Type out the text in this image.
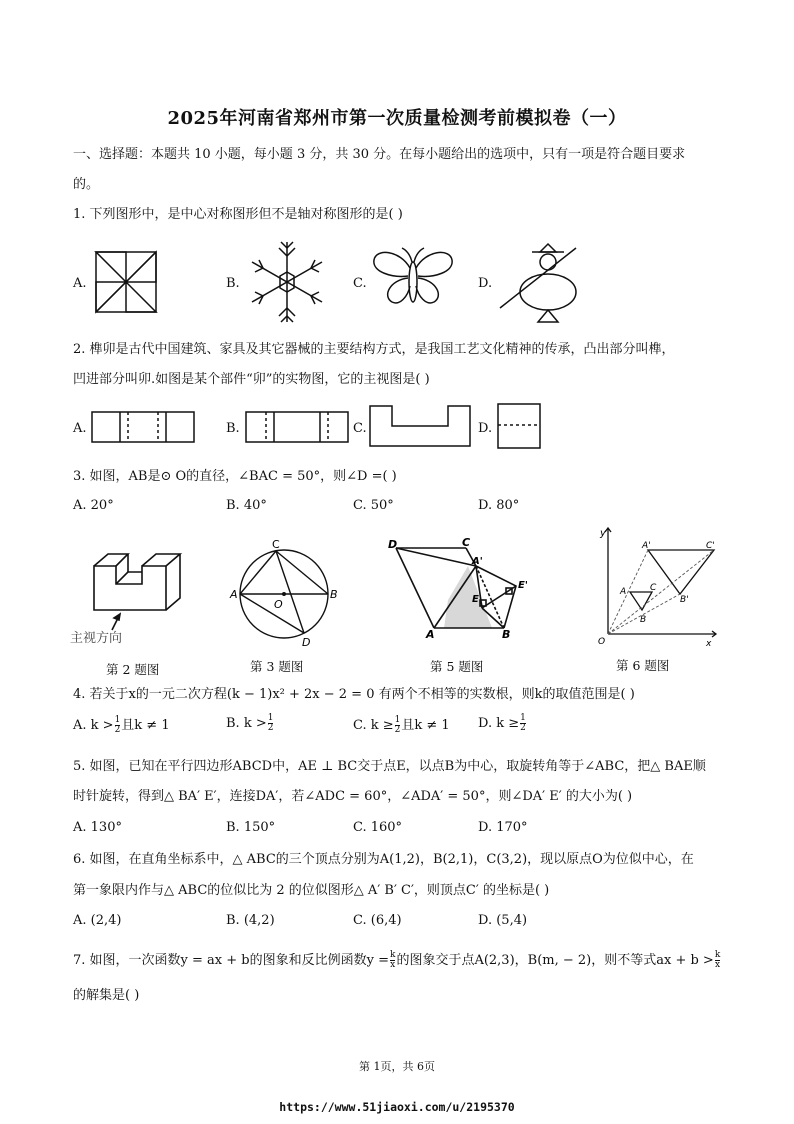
2025年河南省郑州市第一次质量检测考前模拟卷（一）
一、选择题：本题共 10 小题，每小题 3 分，共 30 分。在每小题给出的选项中，只有一项是符合题目要求
的。
1. 下列图形中，是中心对称图形但不是轴对称图形的是( )
A.	B.	C.	D.
2. 榫卯是古代中国建筑、家具及其它器械的主要结构方式，是我国工艺文化精神的传承，凸出部分叫榫，
凹进部分叫卯.如图是某个部件“卯”的实物图，它的主视图是( )
A.	B.	C.	D.
3. 如图，AB是⊙ O的直径，∠BAC = 50°，则∠D =( )
A. 20°	B. 40°	C. 50°	D. 80°
主视方向
C
A
O
B
D
D	C
A'
E'
E
A	B
y
A'	C'
A	C
B'
B
O	x
第 2 题图	第 3 题图	第 5 题图	第 6 题图
4. 若关于x的一元二次方程(k − 1)x² + 2x − 2 = 0 有两个不相等的实数根，则k的取值范围是( )
A. $k > \frac{1}{2}$ 且k ≠ 1	B. $k > \frac{1}{2}$	C. $k \ge \frac{1}{2}$ 且k ≠ 1 D. $k \ge \frac{1}{2}$
5. 如图，已知在平行四边形ABCD中，AE ⊥ BC交于点E，以点B为中心，取旋转角等于∠ABC，把△ BAE顺
时针旋转，得到△ BA′ E′，连接DA′，若∠ADC = 60°，∠ADA′ = 50°，则∠DA′ E′ 的大小为( )
A. 130°	B. 150°	C. 160°	D. 170°
6. 如图，在直角坐标系中，△ ABC的三个顶点分别为A(1,2)，B(2,1)，C(3,2)，现以原点O为位似中心，在
第一象限内作与△ ABC的位似比为 2 的位似图形△ A′ B′ C′，则顶点C′ 的坐标是( )
A. (2,4)	B. (4,2)	C. (6,4)	D. (5,4)
7. 如图，一次函数y = ax + b的图象和反比例函数$y = \frac{k}{x}$ 的图象交于点A(2,3)，B(m, − 2)，则不等式ax + $b > \frac{k}{x}$
的解集是( )
第 1页，共 6页
https://www.51jiaoxi.com/u/2195370
